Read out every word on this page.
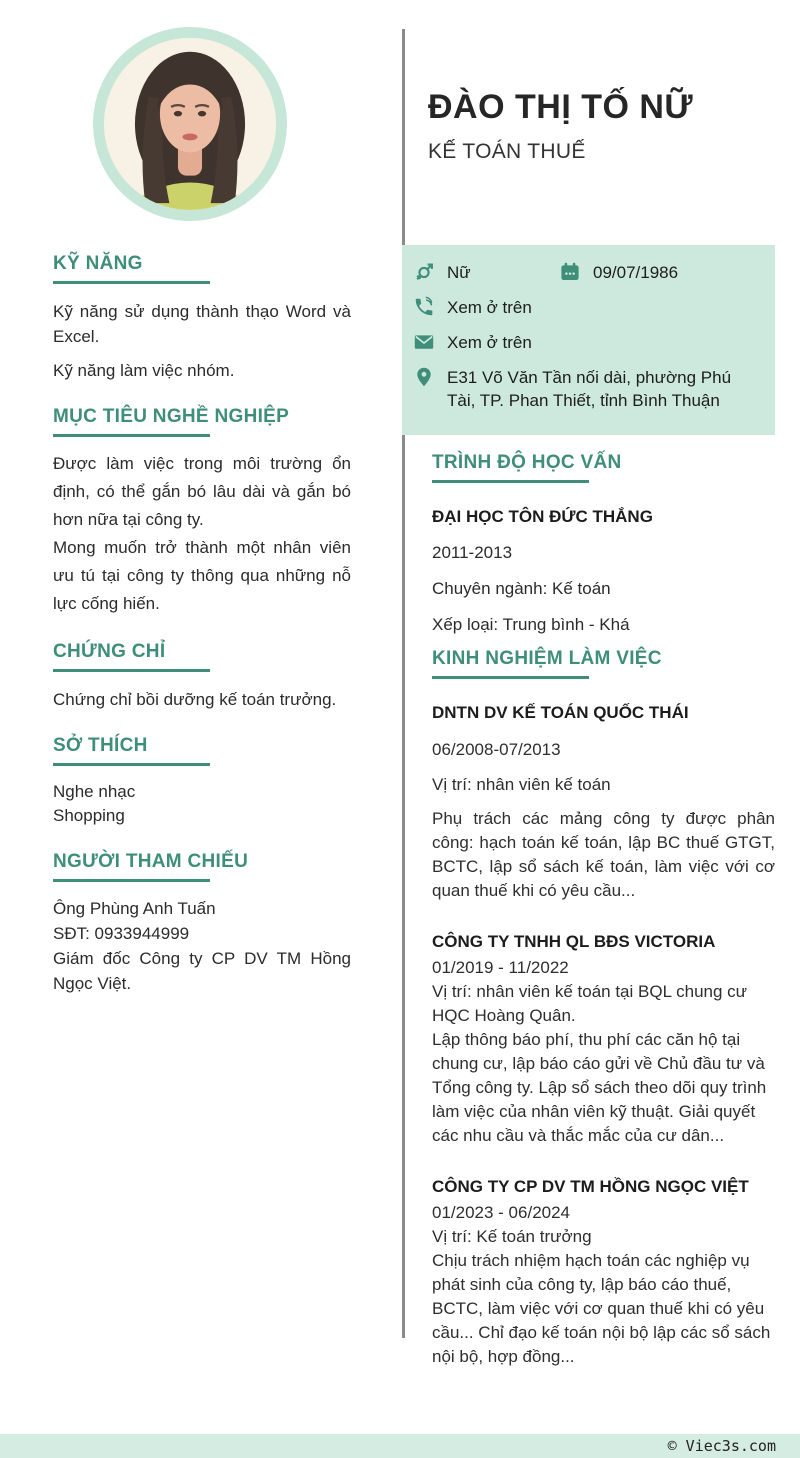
ĐÀO THỊ TỐ NỮ
KẾ TOÁN THUẾ
Nữ	09/07/1986
Xem ở trên
Xem ở trên
E31 Võ Văn Tần nối dài, phường Phú Tài, TP. Phan Thiết, tỉnh Bình Thuận
KỸ NĂNG

Kỹ năng sử dụng thành thạo Word và Excel.

Kỹ năng làm việc nhóm.

MỤC TIÊU NGHỀ NGHIỆP

Được làm việc trong môi trường ổn định, có thể gắn bó lâu dài và gắn bó hơn nữa tại công ty.

Mong muốn trở thành một nhân viên ưu tú tại công ty thông qua những nỗ lực cống hiến.

CHỨNG CHỈ

Chứng chỉ bồi dưỡng kế toán trưởng.

SỞ THÍCH

Nghe nhạc

Shopping

NGƯỜI THAM CHIẾU

Ông Phùng Anh Tuấn

SĐT: 0933944999

Giám đốc Công ty CP DV TM Hồng Ngọc Việt.

TRÌNH ĐỘ HỌC VẤN

ĐẠI HỌC TÔN ĐỨC THẮNG

2011-2013

Chuyên ngành: Kế toán

Xếp loại: Trung bình - Khá

KINH NGHIỆM LÀM VIỆC

DNTN DV KẾ TOÁN QUỐC THÁI

06/2008-07/2013

Vị trí: nhân viên kế toán

Phụ trách các mảng công ty được phân công: hạch toán kế toán, lập BC thuế GTGT, BCTC, lập sổ sách kế toán, làm việc với cơ quan thuế khi có yêu cầu...

CÔNG TY TNHH QL BĐS VICTORIA

01/2019 - 11/2022

Vị trí: nhân viên kế toán tại BQL chung cư HQC Hoàng Quân.

Lập thông báo phí, thu phí các căn hộ tại chung cư, lập báo cáo gửi về Chủ đầu tư và Tổng công ty. Lập sổ sách theo dõi quy trình làm việc của nhân viên kỹ thuật. Giải quyết các nhu cầu và thắc mắc của cư dân...

CÔNG TY CP DV TM HỒNG NGỌC VIỆT

01/2023 - 06/2024

Vị trí: Kế toán trưởng

Chịu trách nhiệm hạch toán các nghiệp vụ phát sinh của công ty, lập báo cáo thuế, BCTC, làm việc với cơ quan thuế khi có yêu cầu... Chỉ đạo kế toán nội bộ lập các sổ sách nội bộ, hợp đồng...

© Viec3s.com
